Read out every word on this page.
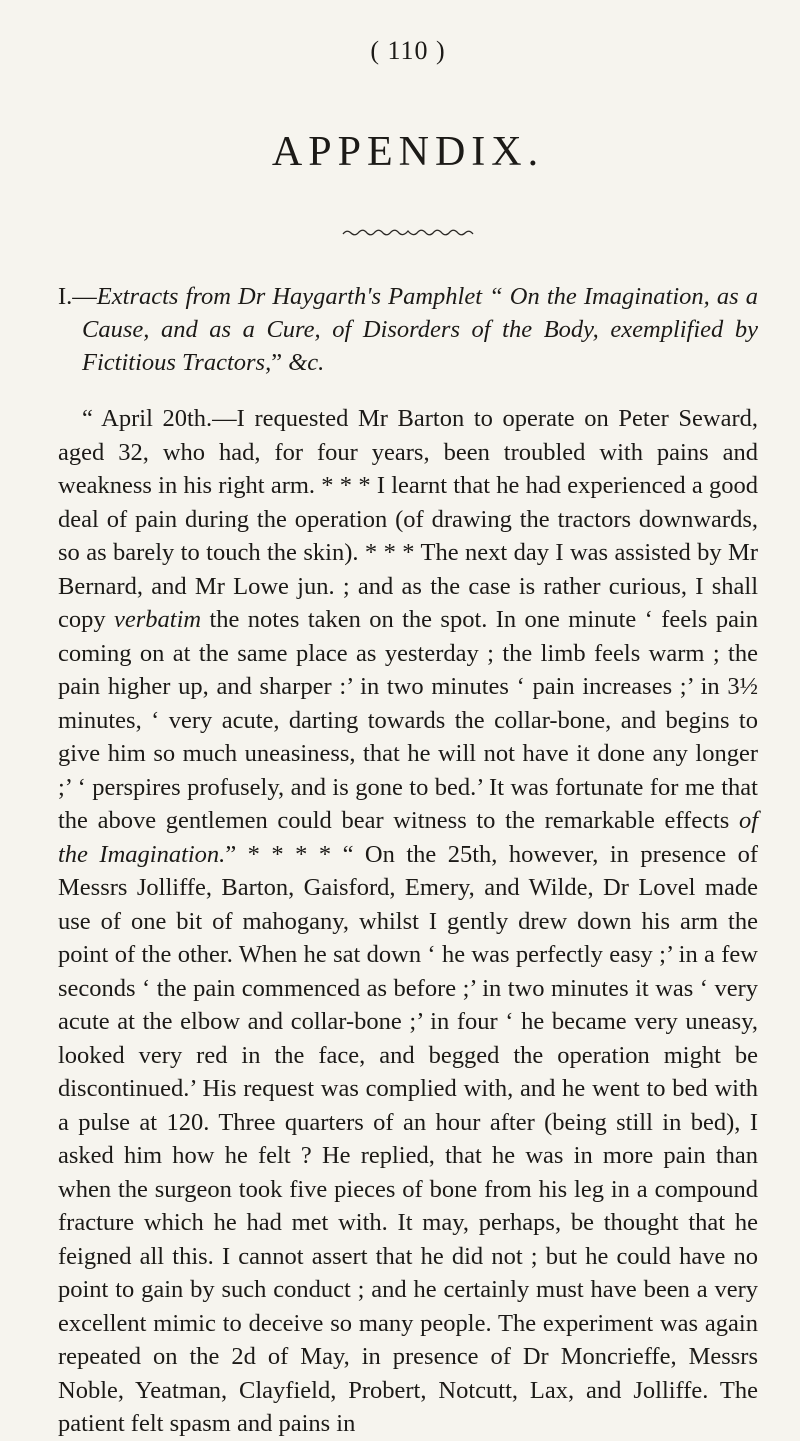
( 110 )
APPENDIX.
I.—Extracts from Dr Haygarth's Pamphlet “ On the Imagination, as a Cause, and as a Cure, of Disorders of the Body, exemplified by Fictitious Tractors,” &c.

“ April 20th.—I requested Mr Barton to operate on Peter Seward, aged 32, who had, for four years, been troubled with pains and weakness in his right arm. * * * I learnt that he had experienced a good deal of pain during the operation (of drawing the tractors downwards, so as barely to touch the skin). * * * The next day I was assisted by Mr Bernard, and Mr Lowe jun. ; and as the case is rather curious, I shall copy verbatim the notes taken on the spot. In one minute ‘ feels pain coming on at the same place as yesterday ; the limb feels warm ; the pain higher up, and sharper :’ in two minutes ‘ pain increases ;’ in 3½ minutes, ‘ very acute, darting towards the collar-bone, and begins to give him so much uneasiness, that he will not have it done any longer ;’ ‘ perspires profusely, and is gone to bed.’ It was fortunate for me that the above gentlemen could bear witness to the remarkable effects of the Imagination.” * * * * “ On the 25th, however, in presence of Messrs Jolliffe, Barton, Gaisford, Emery, and Wilde, Dr Lovel made use of one bit of mahogany, whilst I gently drew down his arm the point of the other. When he sat down ‘ he was perfectly easy ;’ in a few seconds ‘ the pain commenced as before ;’ in two minutes it was ‘ very acute at the elbow and collar-bone ;’ in four ‘ he became very uneasy, looked very red in the face, and begged the operation might be discontinued.’ His request was complied with, and he went to bed with a pulse at 120. Three quarters of an hour after (being still in bed), I asked him how he felt ? He replied, that he was in more pain than when the surgeon took five pieces of bone from his leg in a compound fracture which he had met with. It may, perhaps, be thought that he feigned all this. I cannot assert that he did not ; but he could have no point to gain by such conduct ; and he certainly must have been a very excellent mimic to deceive so many people. The experiment was again repeated on the 2d of May, in presence of Dr Moncrieffe, Messrs Noble, Yeatman, Clayfield, Probert, Notcutt, Lax, and Jolliffe. The patient felt spasm and pains in
